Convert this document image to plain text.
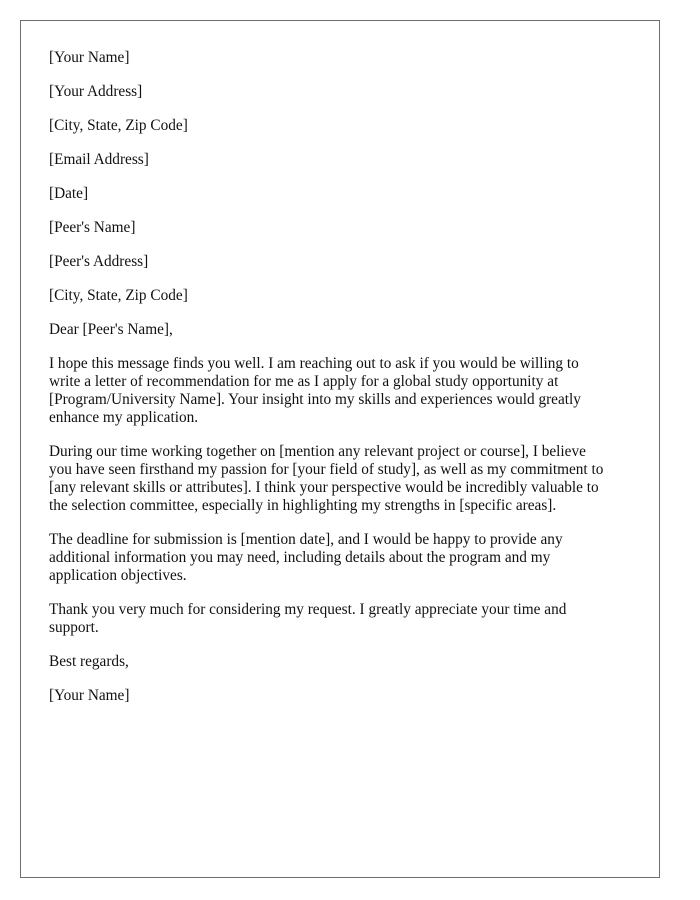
[Your Name]
[Your Address]
[City, State, Zip Code]
[Email Address]
[Date]
[Peer's Name]
[Peer's Address]
[City, State, Zip Code]
Dear [Peer's Name],
I hope this message finds you well. I am reaching out to ask if you would be willing to
write a letter of recommendation for me as I apply for a global study opportunity at
[Program/University Name]. Your insight into my skills and experiences would greatly
enhance my application.
During our time working together on [mention any relevant project or course], I believe
you have seen firsthand my passion for [your field of study], as well as my commitment to
[any relevant skills or attributes]. I think your perspective would be incredibly valuable to
the selection committee, especially in highlighting my strengths in [specific areas].
The deadline for submission is [mention date], and I would be happy to provide any
additional information you may need, including details about the program and my
application objectives.
Thank you very much for considering my request. I greatly appreciate your time and
support.
Best regards,
[Your Name]
